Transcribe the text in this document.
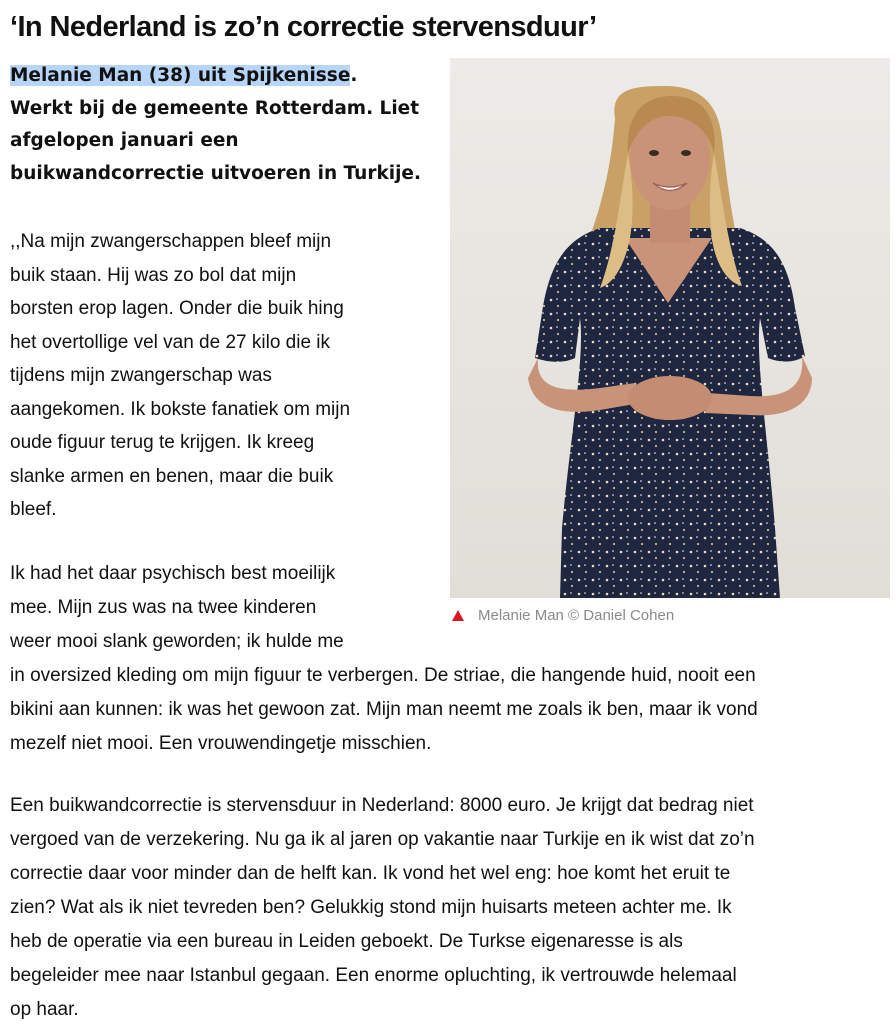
‘In Nederland is zo’n correctie stervensduur’
Melanie Man © Daniel Cohen
Melanie Man (38) uit Spijkenisse.
Werkt bij de gemeente Rotterdam. Liet
afgelopen januari een
buikwandcorrectie uitvoeren in Turkije.
,,Na mijn zwangerschappen bleef mijn
buik staan. Hij was zo bol dat mijn
borsten erop lagen. Onder die buik hing
het overtollige vel van de 27 kilo die ik
tijdens mijn zwangerschap was
aangekomen. Ik bokste fanatiek om mijn
oude figuur terug te krijgen. Ik kreeg
slanke armen en benen, maar die buik
bleef.
Ik had het daar psychisch best moeilijk
mee. Mijn zus was na twee kinderen
weer mooi slank geworden; ik hulde me
in oversized kleding om mijn figuur te verbergen. De striae, die hangende huid, nooit een
bikini aan kunnen: ik was het gewoon zat. Mijn man neemt me zoals ik ben, maar ik vond
mezelf niet mooi. Een vrouwendingetje misschien.
Een buikwandcorrectie is stervensduur in Nederland: 8000 euro. Je krijgt dat bedrag niet
vergoed van de verzekering. Nu ga ik al jaren op vakantie naar Turkije en ik wist dat zo’n
correctie daar voor minder dan de helft kan. Ik vond het wel eng: hoe komt het eruit te
zien? Wat als ik niet tevreden ben? Gelukkig stond mijn huisarts meteen achter me. Ik
heb de operatie via een bureau in Leiden geboekt. De Turkse eigenaresse is als
begeleider mee naar Istanbul gegaan. Een enorme opluchting, ik vertrouwde helemaal
op haar.
